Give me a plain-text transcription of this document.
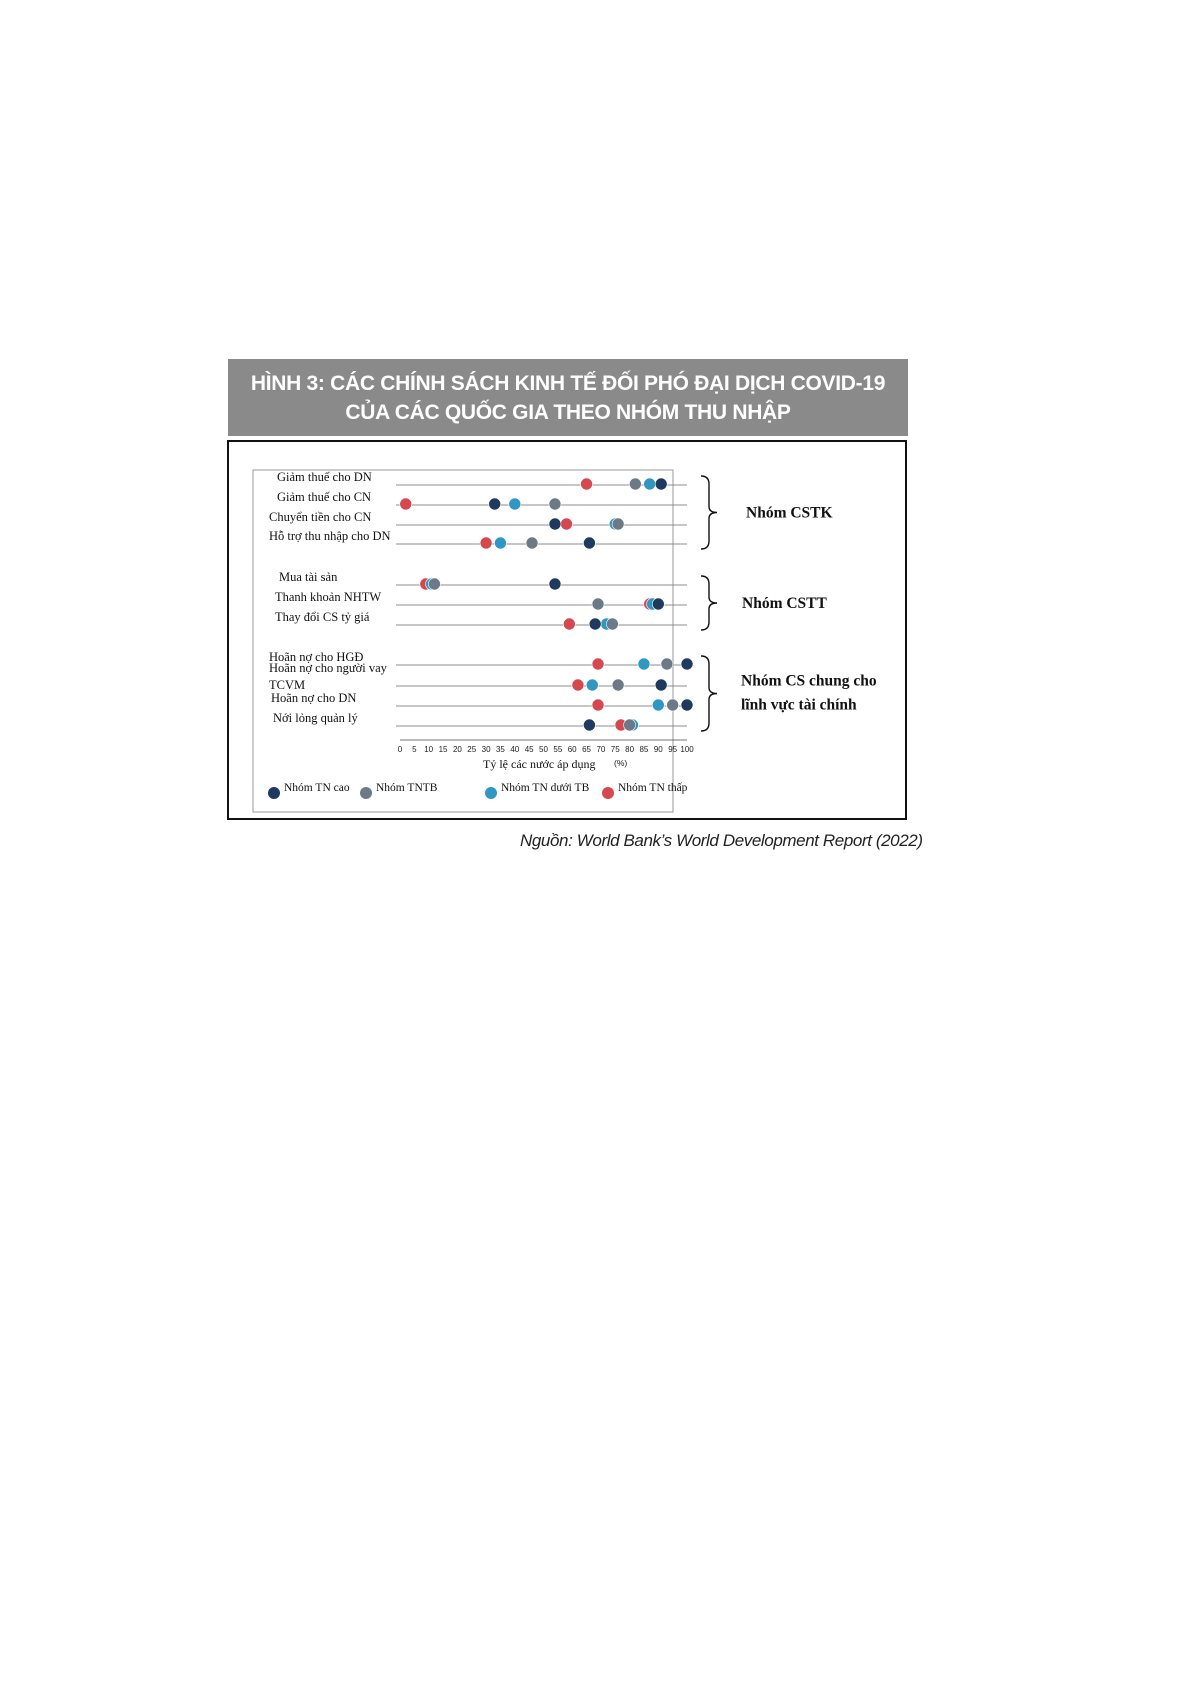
HÌNH 3: CÁC CHÍNH SÁCH KINH TẾ ĐỐI PHÓ ĐẠI DỊCH COVID-19
CỦA CÁC QUỐC GIA THEO NHÓM THU NHẬP
Giảm thuế cho DN
Giảm thuế cho CN
Chuyển tiền cho CN
Hỗ trợ thu nhập cho DN
Mua tài sản
Thanh khoản NHTW
Thay đổi CS tỷ giá
Hoãn nợ cho HGĐ
Hoãn nợ cho người vay
TCVM
Hoãn nợ cho DN
Nới lỏng quản lý
0 5 10 15 20 25 30 35 40 45 50 55 60 65 70 75 80 85 90 95 100
Tỷ lệ các nước áp dụng (%)
Nhóm CSTK
Nhóm CSTT
Nhóm CS chung cho
lĩnh vực tài chính
Nhóm TN cao Nhóm TNTB	Nhóm TN dưới TB	Nhóm TN thấp
Nguồn: World Bank’s World Development Report (2022)
